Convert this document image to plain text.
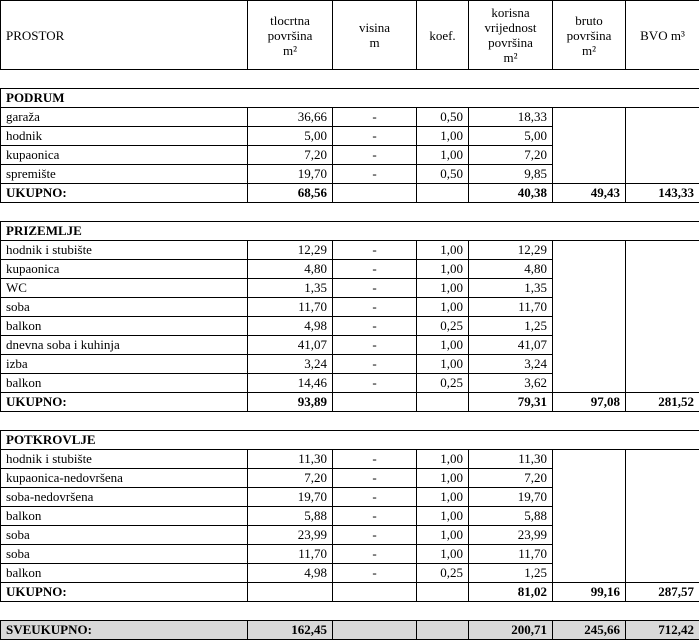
PROSTOR	tlocrtna
površina
m²	visina
m	koef.	korisna
vrijednost
površina
m²	bruto
površina
m²	BVO m³

PODRUM						
garaža	36,66	-	0,50	18,33		
hodnik	5,00	-	1,00	5,00		
kupaonica	7,20	-	1,00	7,20		
spremište	19,70	-	0,50	9,85		
UKUPNO:	68,56			40,38	49,43	143,33

PRIZEMLJE						
hodnik i stubište	12,29	-	1,00	12,29		
kupaonica	4,80	-	1,00	4,80		
WC	1,35	-	1,00	1,35		
soba	11,70	-	1,00	11,70		
balkon	4,98	-	0,25	1,25		
dnevna soba i kuhinja	41,07	-	1,00	41,07		
izba	3,24	-	1,00	3,24		
balkon	14,46	-	0,25	3,62		
UKUPNO:	93,89			79,31	97,08	281,52

POTKROVLJE						
hodnik i stubište	11,30	-	1,00	11,30		
kupaonica-nedovršena	7,20	-	1,00	7,20		
soba-nedovršena	19,70	-	1,00	19,70		
balkon	5,88	-	1,00	5,88		
soba	23,99	-	1,00	23,99		
soba	11,70	-	1,00	11,70		
balkon	4,98	-	0,25	1,25		
UKUPNO:				81,02	99,16	287,57

SVEUKUPNO:	162,45			200,71	245,66	712,42
